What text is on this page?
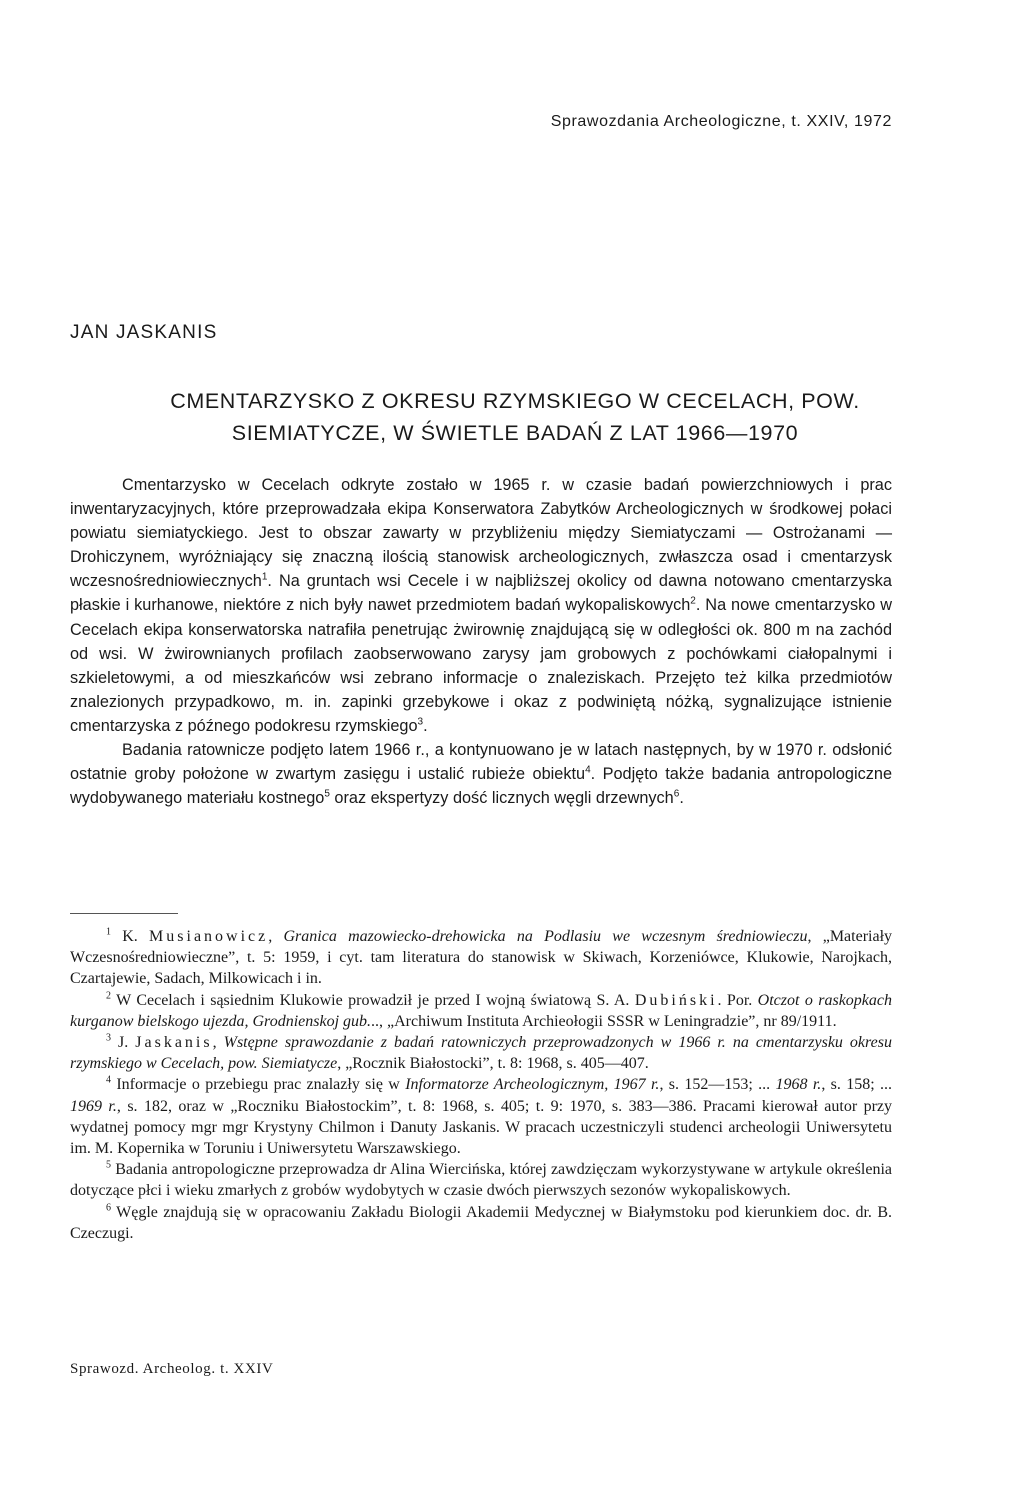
Sprawozdania Archeologiczne, t. XXIV, 1972

JAN JASKANIS
CMENTARZYSKO Z OKRESU RZYMSKIEGO W CECELACH, POW.
SIEMIATYCZE, W ŚWIETLE BADAŃ Z LAT 1966—1970

Cmentarzysko w Cecelach odkryte zostało w 1965 r. w czasie badań powierzchniowych i prac inwentaryzacyjnych, które przeprowadzała ekipa Konserwatora Zabytków Archeologicznych w środkowej połaci powiatu siemiatyckiego. Jest to obszar zawarty w przybliżeniu między Siemiatyczami — Ostrożanami — Drohiczynem, wyróżniający się znaczną ilością stanowisk archeologicznych, zwłaszcza osad i cmentarzysk wczesnośredniowiecznych$^1$. Na gruntach wsi Cecele i w najbliższej okolicy od dawna notowano cmentarzyska płaskie i kurhanowe, niektóre z nich były nawet przedmiotem badań wykopaliskowych$^2$. Na nowe cmentarzysko w Cecelach ekipa konserwatorska natrafiła penetrując żwirownię znajdującą się w odległości ok. 800 m na zachód od wsi. W żwirownianych profilach zaobserwowano zarysy jam grobowych z pochówkami ciałopalnymi i szkieletowymi, a od mieszkańców wsi zebrano informacje o znaleziskach. Przejęto też kilka przedmiotów znalezionych przypadkowo, m. in. zapinki grzebykowe i okaz z podwiniętą nóżką, sygnalizujące istnienie cmentarzyska z późnego podokresu rzymskiego$^3$.

Badania ratownicze podjęto latem 1966 r., a kontynuowano je w latach następnych, by w 1970 r. odsłonić ostatnie groby położone w zwartym zasięgu i ustalić rubieże obiektu$^4$. Podjęto także badania antropologiczne wydobywanego materiału kostnego$^5$ oraz ekspertyzy dość licznych węgli drzewnych$^6$.

$^1$ K. Musianowicz, Granica mazowiecko-drehowicka na Podlasiu we wczesnym średniowieczu, „Materiały Wczesnośredniowieczne”, t. 5: 1959, i cyt. tam literatura do stanowisk w Skiwach, Korzeniówce, Klukowie, Narojkach, Czartajewie, Sadach, Milkowicach i in.

$^2$ W Cecelach i sąsiednim Klukowie prowadził je przed I wojną światową S. A. Dubiński. Por. Otczot o raskopkach kurganow bielskogo ujezda, Grodnienskoj gub..., „Archiwum Instituta Archieołogii SSSR w Leningradzie”, nr 89/1911.

$^3$ J. Jaskanis, Wstępne sprawozdanie z badań ratowniczych przeprowadzonych w 1966 r. na cmentarzysku okresu rzymskiego w Cecelach, pow. Siemiatycze, „Rocznik Białostocki”, t. 8: 1968, s. 405—407.

$^4$ Informacje o przebiegu prac znalazły się w Informatorze Archeologicznym, 1967 r., s. 152—153; ... 1968 r., s. 158; ... 1969 r., s. 182, oraz w „Roczniku Białostockim”, t. 8: 1968, s. 405; t. 9: 1970, s. 383—386. Pracami kierował autor przy wydatnej pomocy mgr mgr Krystyny Chilmon i Danuty Jaskanis. W pracach uczestniczyli studenci archeologii Uniwersytetu im. M. Kopernika w Toruniu i Uniwersytetu Warszawskiego.

$^5$ Badania antropologiczne przeprowadza dr Alina Wiercińska, której zawdzięczam wykorzystywane w artykule określenia dotyczące płci i wieku zmarłych z grobów wydobytych w czasie dwóch pierwszych sezonów wykopaliskowych.

$^6$ Węgle znajdują się w opracowaniu Zakładu Biologii Akademii Medycznej w Białymstoku pod kierunkiem doc. dr. B. Czeczugi.

Sprawozd. Archeolog. t. XXIV
